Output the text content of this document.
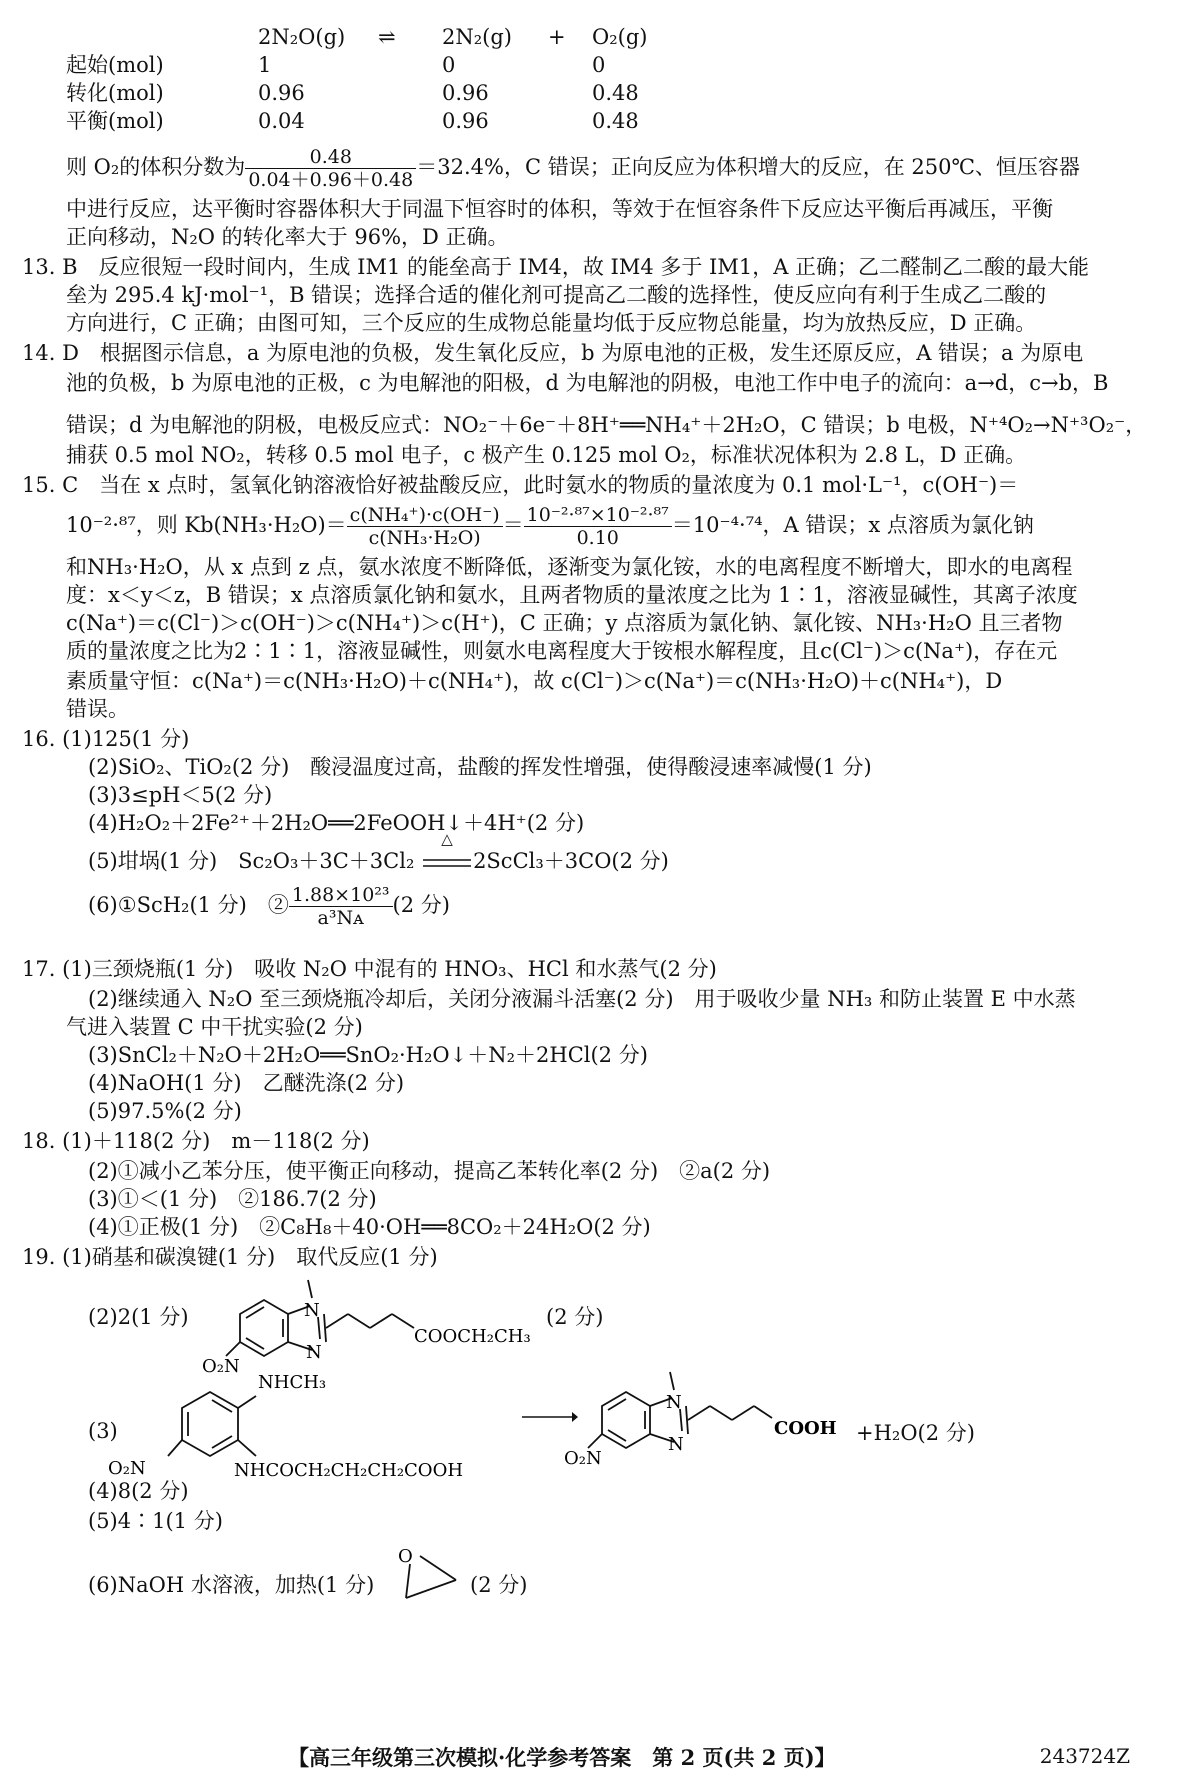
2N₂O(g) ⇌ 2N₂(g) + O₂(g)
起始(mol)	1	0	0
转化(mol)	0.96	0.96	0.48
平衡(mol)	0.04	0.96	0.48
则 O₂的体积分数为 $\frac{0.48}{0.04+0.96+0.48} =32.4\%$，C 错误；正向反应为体积增大的反应，在 250℃、恒压容器
中进行反应，达平衡时容器体积大于同温下恒容时的体积，等效于在恒容条件下反应达平衡后再减压，平衡
正向移动，N₂O 的转化率大于 96%，D 正确。
13. B　反应很短一段时间内，生成 IM1 的能垒高于 IM4，故 IM4 多于 IM1，A 正确；乙二醛制乙二酸的最大能
垒为 295.4 kJ·mol⁻¹，B 错误；选择合适的催化剂可提高乙二酸的选择性，使反应向有利于生成乙二酸的
方向进行，C 正确；由图可知，三个反应的生成物总能量均低于反应物总能量，均为放热反应，D 正确。
14. D　根据图示信息，a 为原电池的负极，发生氧化反应，b 为原电池的正极，发生还原反应，A 错误；a 为原电
池的负极，b 为原电池的正极，c 为电解池的阳极，d 为电解池的阴极，电池工作中电子的流向：a→d，c→b，B
错误；d 为电解池的阴极，电极反应式：NO₂⁻＋6e⁻＋8H⁺══NH₄⁺＋2H₂O，C 错误；b 电极，N⁺⁴O₂→N⁺³O₂⁻，
捕获 0.5 mol NO₂，转移 0.5 mol 电子，c 极产生 0.125 mol O₂，标准状况体积为 2.8 L，D 正确。
15. C　当在 x 点时，氢氧化钠溶液恰好被盐酸反应，此时氨水的物质的量浓度为 0.1 mol·L⁻¹，c(OH⁻)＝
10⁻²·⁸⁷，则 $Kb(NH_3\cdot H_2O)= \frac{\text{c(NH₄⁺)·c(OH⁻)}}{\text{c(NH₃·H₂O)}} = \frac{\text{10⁻²·⁸⁷×10⁻²·⁸⁷}}{0.10} =10^{-4}\cdot^{74}$，A 错误；x 点溶质为氯化钠
和NH₃·H₂O，从 x 点到 z 点，氨水浓度不断降低，逐渐变为氯化铵，水的电离程度不断增大，即水的电离程
度：x＜y＜z，B 错误；x 点溶质氯化钠和氨水，且两者物质的量浓度之比为 1∶1，溶液显碱性，其离子浓度
c(Na⁺)＝c(Cl⁻)＞c(OH⁻)＞c(NH₄⁺)＞c(H⁺)，C 正确；y 点溶质为氯化钠、氯化铵、NH₃·H₂O 且三者物
质的量浓度之比为2∶1∶1，溶液显碱性，则氨水电离程度大于铵根水解程度，且c(Cl⁻)＞c(Na⁺)，存在元
素质量守恒：c(Na⁺)＝c(NH₃·H₂O)＋c(NH₄⁺)，故 c(Cl⁻)＞c(Na⁺)＝c(NH₃·H₂O)＋c(NH₄⁺)，D
错误。
16. (1)125(1 分)
(2)SiO₂、TiO₂(2 分)　酸浸温度过高，盐酸的挥发性增强，使得酸浸速率减慢(1 分)
(3)3≤pH＜5(2 分)
(4)H₂O₂＋2Fe²⁺＋2H₂O══2FeOOH↓＋4H⁺(2 分)
(5)坩埚(1 分)　Sc₂O₃＋3C＋3Cl₂
△
2ScCl₃＋3CO(2 分)
(6)①ScH₂(1 分)　② $\frac{\text{1.88×10²³}}{\text{a³Nᴀ}} (2$ 分)
17. (1)三颈烧瓶(1 分)　吸收 N₂O 中混有的 HNO₃、HCl 和水蒸气(2 分)
(2)继续通入 N₂O 至三颈烧瓶冷却后，关闭分液漏斗活塞(2 分)　用于吸收少量 NH₃ 和防止装置 E 中水蒸
气进入装置 C 中干扰实验(2 分)
(3)SnCl₂＋N₂O＋2H₂O══SnO₂·H₂O↓＋N₂＋2HCl(2 分)
(4)NaOH(1 分)　乙醚洗涤(2 分)
(5)97.5%(2 分)
18. (1)＋118(2 分)　m－118(2 分)
(2)①减小乙苯分压，使平衡正向移动，提高乙苯转化率(2 分)　②a(2 分)
(3)①＜(1 分)　②186.7(2 分)
(4)①正极(1 分)　②C₈H₈＋40·OH══8CO₂＋24H₂O(2 分)
19. (1)硝基和碳溴键(1 分)　取代反应(1 分)
(2)2(1 分)	N
N
O₂N
COOCH₂CH₃
(2 分)
(3)
NHCH₃
O₂N	NHCOCH₂CH₂CH₂COOH
N
N
O₂N
COOH +H₂O(2 分)
(4)8(2 分)
(5)4∶1(1 分)
(6)NaOH 水溶液，加热(1 分)
O
(2 分)
【高三年级第三次模拟·化学参考答案　第 2 页(共 2 页)】	243724Z
